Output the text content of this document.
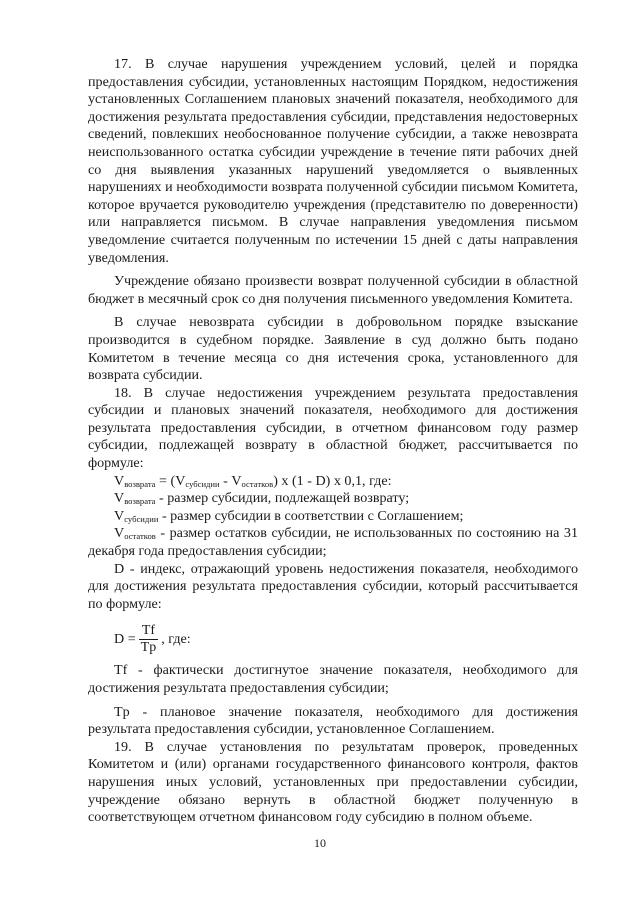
17. В случае нарушения учреждением условий, целей и порядка предоставления субсидии, установленных настоящим Порядком, недостижения установленных Соглашением плановых значений показателя, необходимого для достижения результата предоставления субсидии, представления недостоверных сведений, повлекших необоснованное получение субсидии, а также невозврата неиспользованного остатка субсидии учреждение в течение пяти рабочих дней со дня выявления указанных нарушений уведомляется о выявленных нарушениях и необходимости возврата полученной субсидии письмом Комитета, которое вручается руководителю учреждения (представителю по доверенности) или направляется письмом. В случае направления уведомления письмом уведомление считается полученным по истечении 15 дней с даты направления уведомления.

Учреждение обязано произвести возврат полученной субсидии в областной бюджет в месячный срок со дня получения письменного уведомления Комитета.

В случае невозврата субсидии в добровольном порядке взыскание производится в судебном порядке. Заявление в суд должно быть подано Комитетом в течение месяца со дня истечения срока, установленного для возврата субсидии.

18. В случае недостижения учреждением результата предоставления субсидии и плановых значений показателя, необходимого для достижения результата предоставления субсидии, в отчетном финансовом году размер субсидии, подлежащей возврату в областной бюджет, рассчитывается по формуле:

$V_{возврата} = (V_{субсидии} - V_{остатков})$ x (1 - D) x 0,1, где:

$V_{возврата}$ - размер субсидии, подлежащей возврату;

$V_{субсидии}$ - размер субсидии в соответствии с Соглашением;

$V_{остатков}$ - размер остатков субсидии, не использованных по состоянию на 31 декабря года предоставления субсидии;

D - индекс, отражающий уровень недостижения показателя, необходимого для достижения результата предоставления субсидии, который рассчитывается по формуле:

$D = \frac{Tf}{Tp}$ , где:

Tf - фактически достигнутое значение показателя, необходимого для достижения результата предоставления субсидии;

Tp - плановое значение показателя, необходимого для достижения результата предоставления субсидии, установленное Соглашением.

19. В случае установления по результатам проверок, проведенных Комитетом и (или) органами государственного финансового контроля, фактов нарушения иных условий, установленных при предоставлении субсидии, учреждение обязано вернуть в областной бюджет полученную в соответствующем отчетном финансовом году субсидию в полном объеме.

10
